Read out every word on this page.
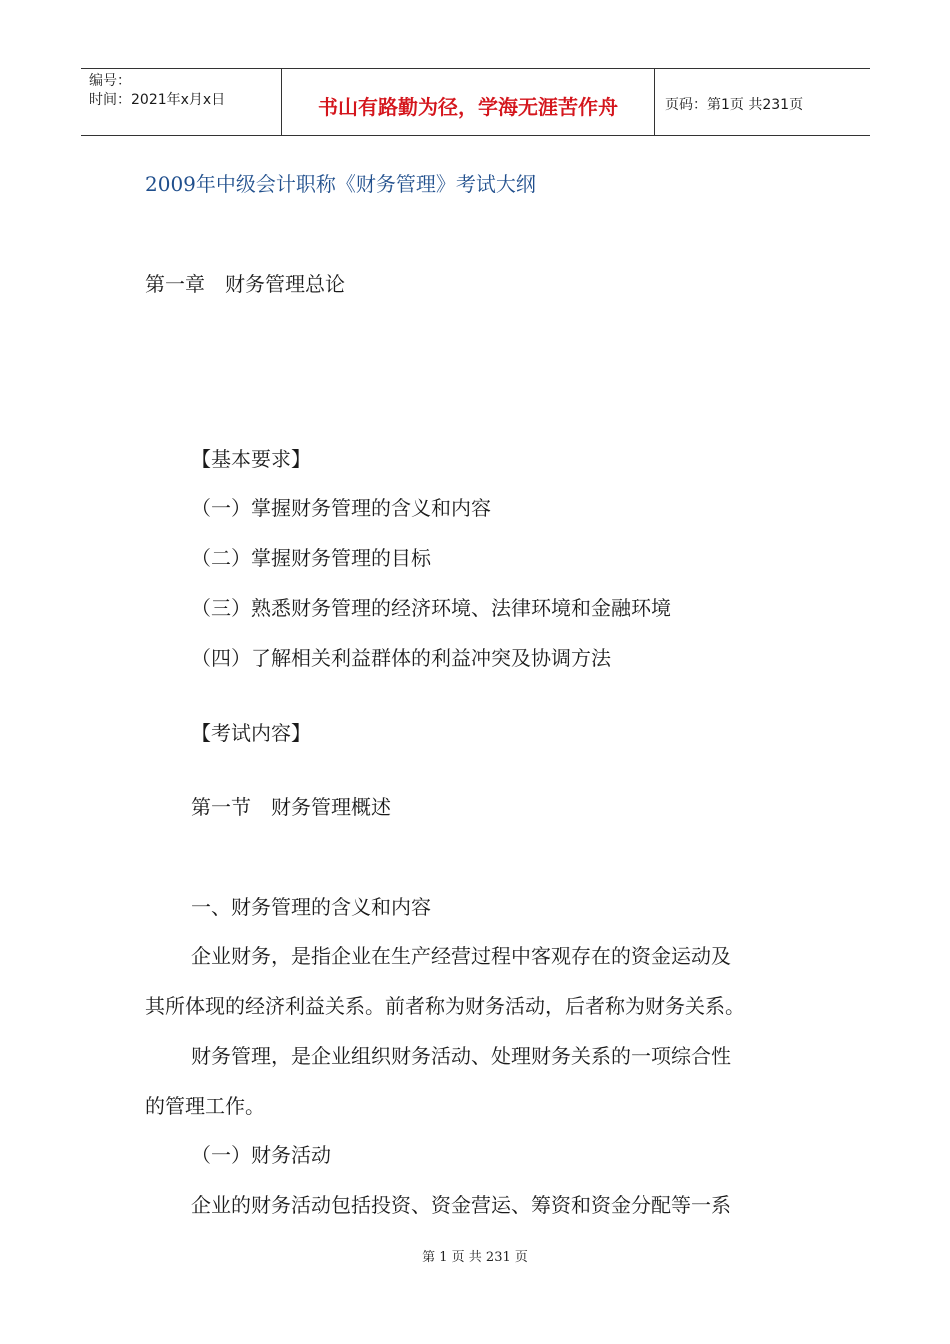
编号：
时间：2021年x月x日	书山有路勤为径，学海无涯苦作舟	页码：第1页 共231页
2009年中级会计职称《财务管理》考试大纲
第一章　财务管理总论
【基本要求】
（一）掌握财务管理的含义和内容
（二）掌握财务管理的目标
（三）熟悉财务管理的经济环境、法律环境和金融环境
（四）了解相关利益群体的利益冲突及协调方法
【考试内容】
第一节　财务管理概述
一、财务管理的含义和内容
企业财务，是指企业在生产经营过程中客观存在的资金运动及
其所体现的经济利益关系。前者称为财务活动，后者称为财务关系。
财务管理，是企业组织财务活动、处理财务关系的一项综合性
的管理工作。
（一）财务活动
企业的财务活动包括投资、资金营运、筹资和资金分配等一系
第 1 页 共 231 页
